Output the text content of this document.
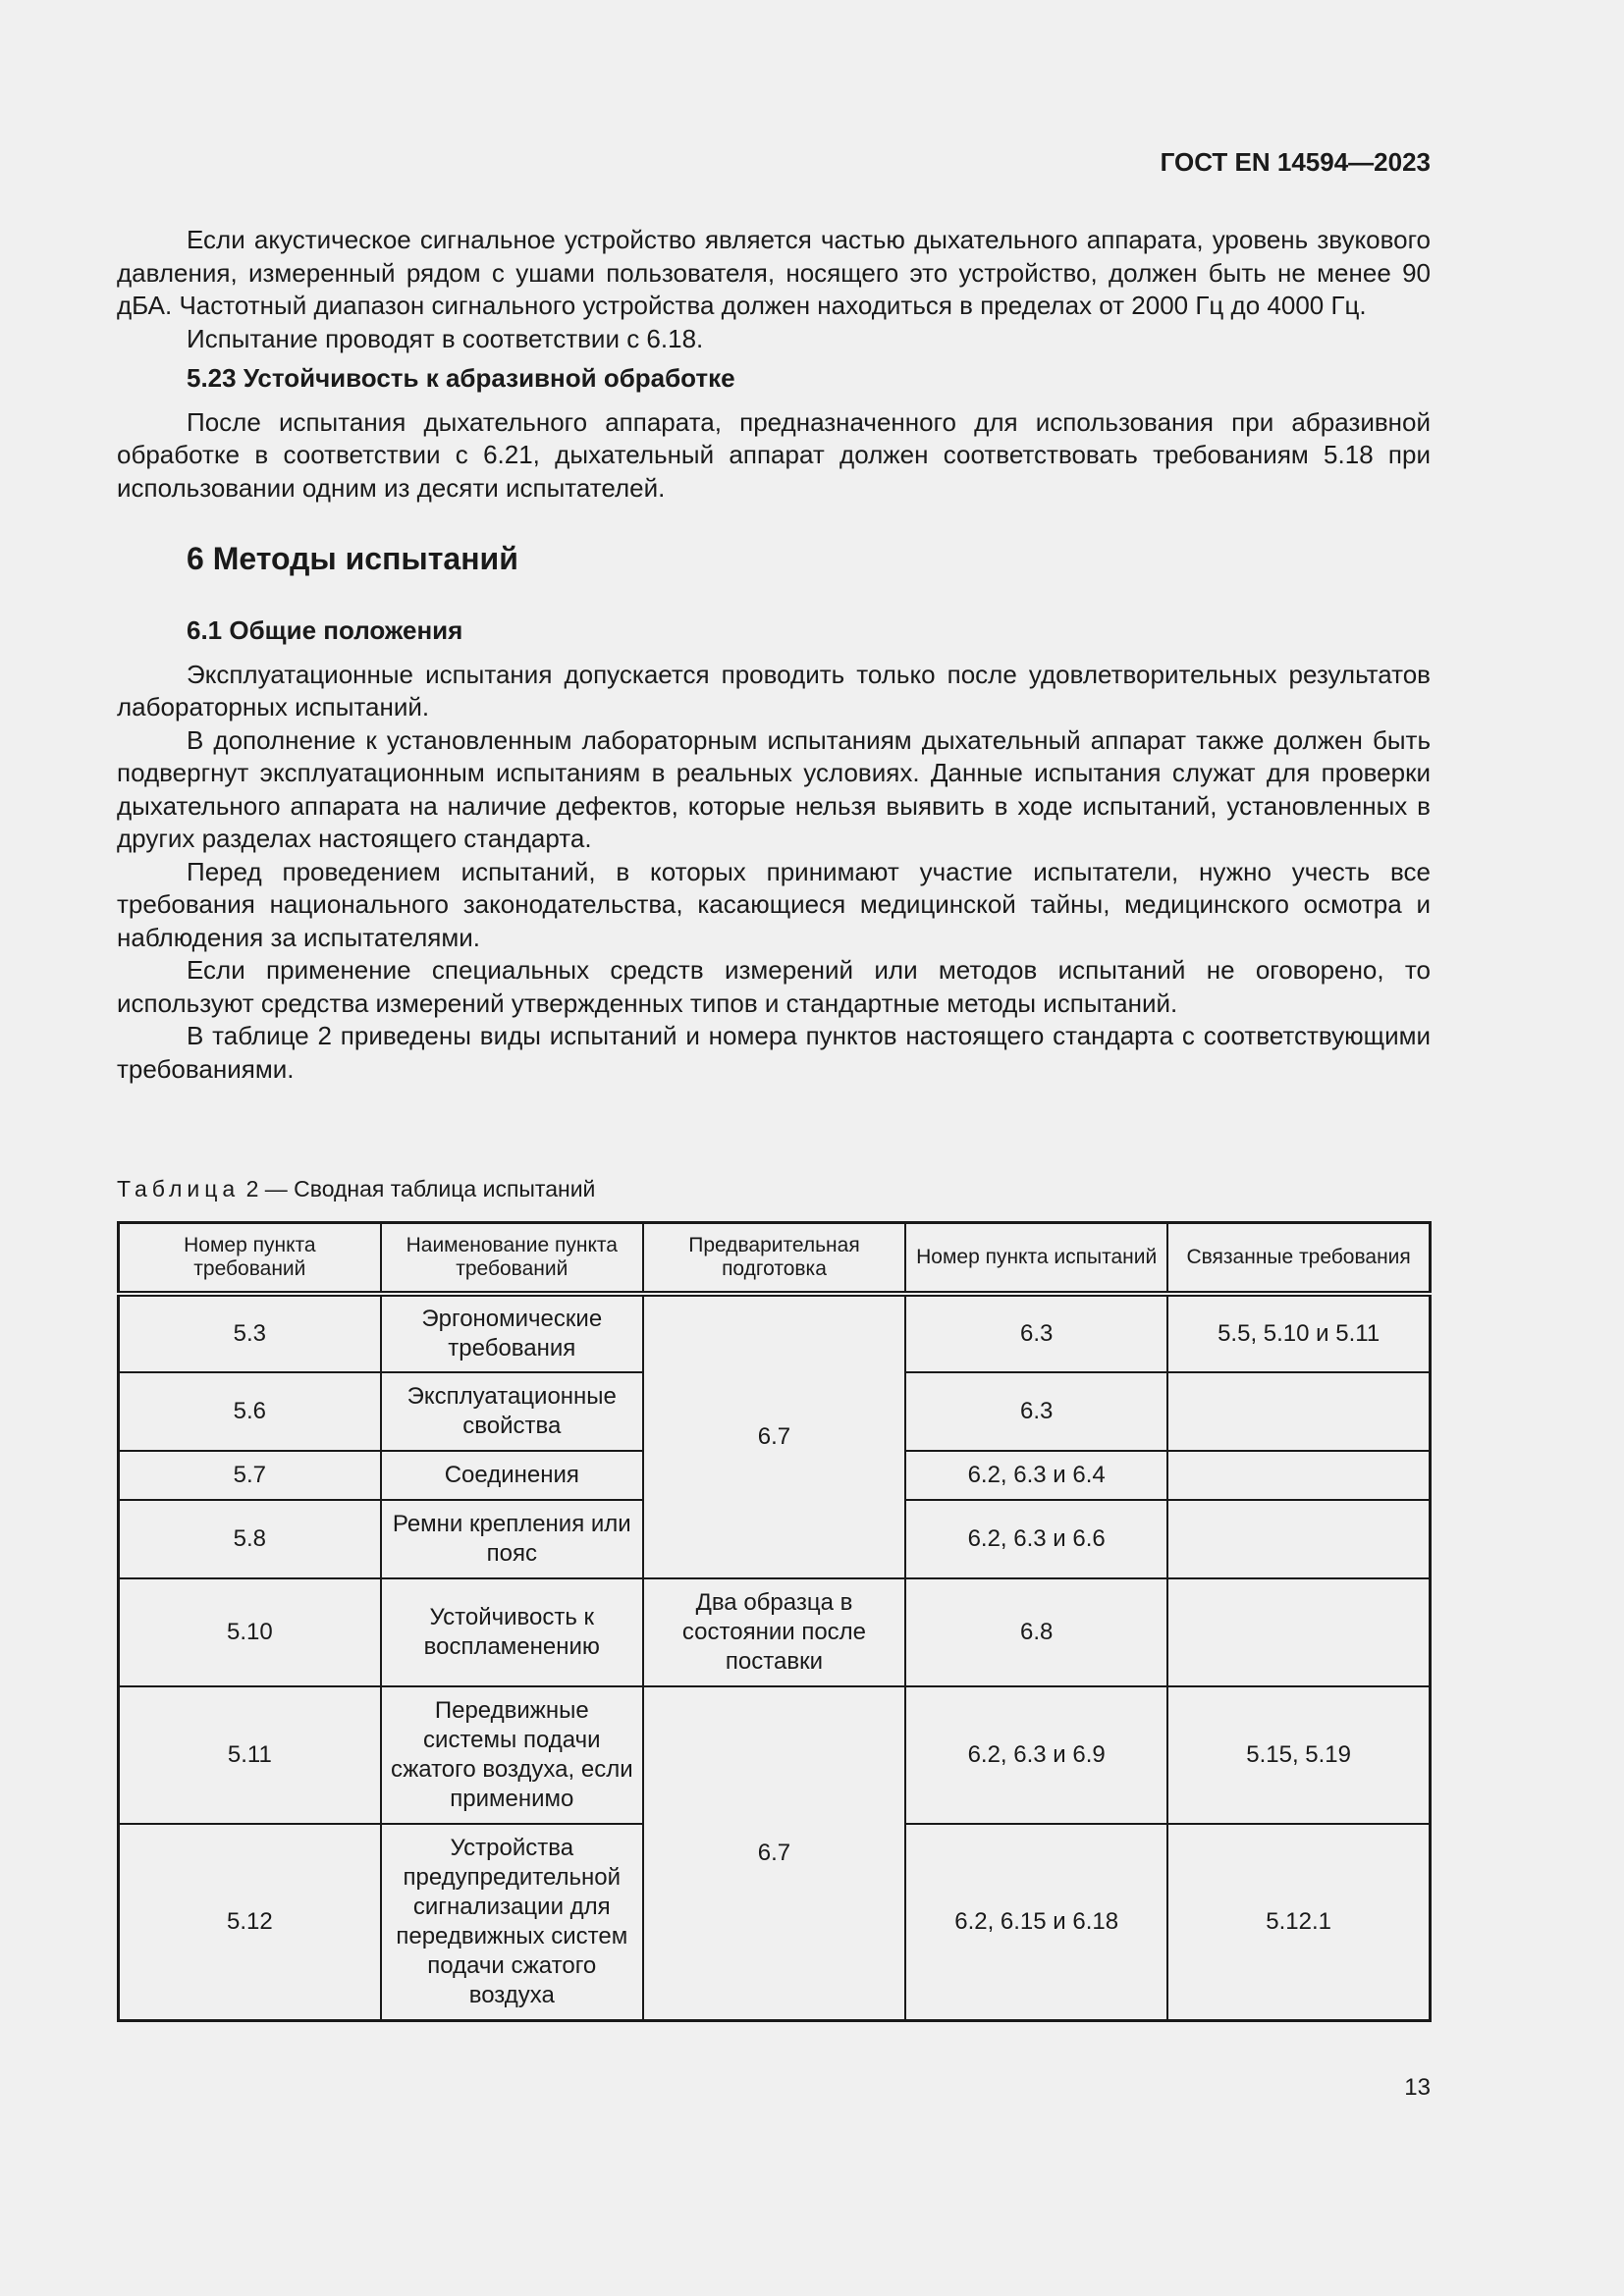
ГОСТ EN 14594—2023

Если акустическое сигнальное устройство является частью дыхательного аппарата, уровень звукового давления, измеренный рядом с ушами пользователя, носящего это устройство, должен быть не менее 90 дБА. Частотный диапазон сигнального устройства должен находиться в пределах от 2000 Гц до 4000 Гц.

Испытание проводят в соответствии с 6.18.

5.23 Устойчивость к абразивной обработке

После испытания дыхательного аппарата, предназначенного для использования при абразивной обработке в соответствии с 6.21, дыхательный аппарат должен соответствовать требованиям 5.18 при использовании одним из десяти испытателей.

6 Методы испытаний
6.1 Общие положения

Эксплуатационные испытания допускается проводить только после удовлетворительных результатов лабораторных испытаний.

В дополнение к установленным лабораторным испытаниям дыхательный аппарат также должен быть подвергнут эксплуатационным испытаниям в реальных условиях. Данные испытания служат для проверки дыхательного аппарата на наличие дефектов, которые нельзя выявить в ходе испытаний, установленных в других разделах настоящего стандарта.

Перед проведением испытаний, в которых принимают участие испытатели, нужно учесть все требования национального законодательства, касающиеся медицинской тайны, медицинского осмотра и наблюдения за испытателями.

Если применение специальных средств измерений или методов испытаний не оговорено, то используют средства измерений утвержденных типов и стандартные методы испытаний.

В таблице 2 приведены виды испытаний и номера пунктов настоящего стандарта с соответствующими требованиями.

Таблица 2 — Сводная таблица испытаний
Номер пункта требований	Наименование пункта требований	Предварительная подготовка	Номер пункта испытаний	Связанные требования
5.3	Эргономические требования	6.7	6.3	5.5, 5.10 и 5.11
5.6	Эксплуатационные свойства		6.3	
5.7	Соединения		6.2, 6.3 и 6.4	
5.8	Ремни крепления или пояс		6.2, 6.3 и 6.6	
5.10	Устойчивость к воспламенению	Два образца в состоянии после поставки	6.8	
5.11	Передвижные системы подачи сжатого воздуха, если применимо	6.7	6.2, 6.3 и 6.9	5.15, 5.19
5.12	Устройства предупредительной сигнализации для передвижных систем подачи сжатого воздуха		6.2, 6.15 и 6.18	5.12.1
13
